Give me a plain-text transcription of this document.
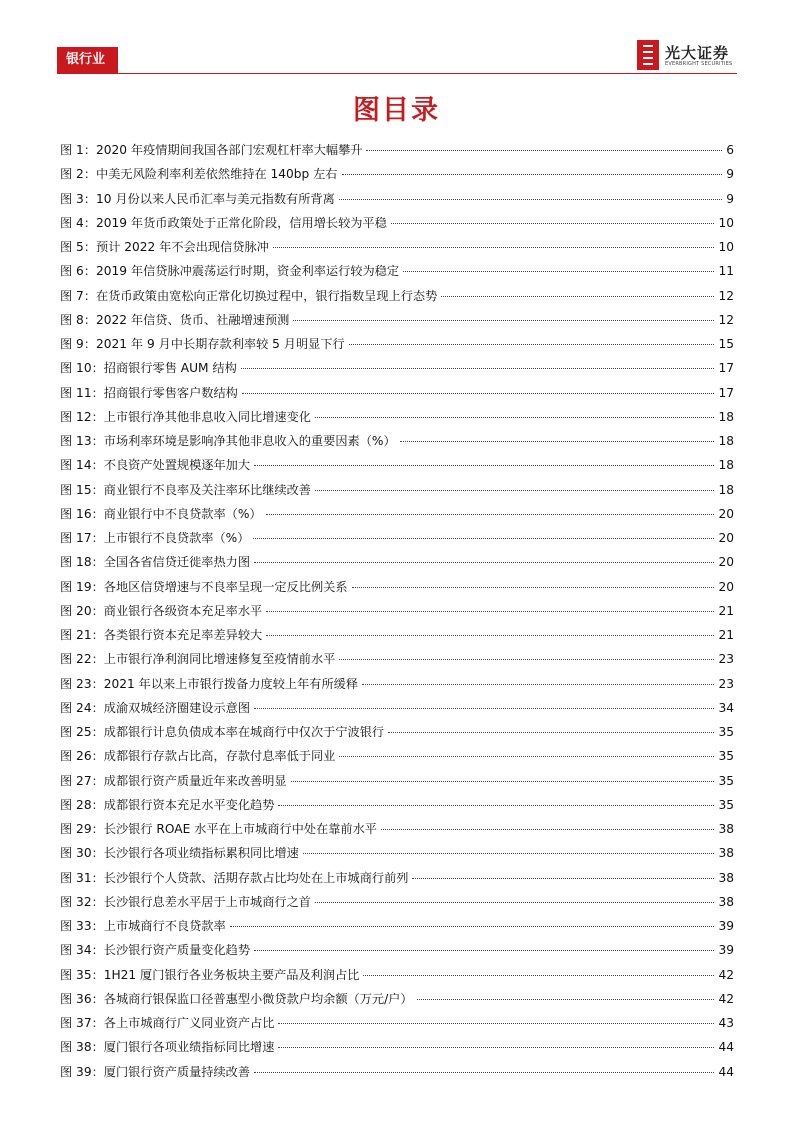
银行业	光大证券
EVERBRIGHT SECURITIES
图目录
图 1：2020 年疫情期间我国各部门宏观杠杆率大幅攀升	6
图 2：中美无风险利率利差依然维持在 140bp 左右	9
图 3：10 月份以来人民币汇率与美元指数有所背离	9
图 4：2019 年货币政策处于正常化阶段，信用增长较为平稳	10
图 5：预计 2022 年不会出现信贷脉冲	10
图 6：2019 年信贷脉冲震荡运行时期，资金利率运行较为稳定	11
图 7：在货币政策由宽松向正常化切换过程中，银行指数呈现上行态势	12
图 8：2022 年信贷、货币、社融增速预测	12
图 9：2021 年 9 月中长期存款利率较 5 月明显下行	15
图 10：招商银行零售 AUM 结构	17
图 11：招商银行零售客户数结构	17
图 12：上市银行净其他非息收入同比增速变化	18
图 13：市场利率环境是影响净其他非息收入的重要因素（%）	18
图 14：不良资产处置规模逐年加大	18
图 15：商业银行不良率及关注率环比继续改善	18
图 16：商业银行中不良贷款率（%）	20
图 17：上市银行不良贷款率（%）	20
图 18：全国各省信贷迁徙率热力图	20
图 19：各地区信贷增速与不良率呈现一定反比例关系	20
图 20：商业银行各级资本充足率水平	21
图 21：各类银行资本充足率差异较大	21
图 22：上市银行净利润同比增速修复至疫情前水平	23
图 23：2021 年以来上市银行拨备力度较上年有所缓释	23
图 24：成渝双城经济圈建设示意图	34
图 25：成都银行计息负债成本率在城商行中仅次于宁波银行	35
图 26：成都银行存款占比高，存款付息率低于同业	35
图 27：成都银行资产质量近年来改善明显	35
图 28：成都银行资本充足水平变化趋势	35
图 29：长沙银行 ROAE 水平在上市城商行中处在靠前水平	38
图 30：长沙银行各项业绩指标累积同比增速	38
图 31：长沙银行个人贷款、活期存款占比均处在上市城商行前列	38
图 32：长沙银行息差水平居于上市城商行之首	38
图 33：上市城商行不良贷款率	39
图 34：长沙银行资产质量变化趋势	39
图 35：1H21 厦门银行各业务板块主要产品及利润占比	42
图 36：各城商行银保监口径普惠型小微贷款户均余额（万元/户）	42
图 37：各上市城商行广义同业资产占比	43
图 38：厦门银行各项业绩指标同比增速	44
图 39：厦门银行资产质量持续改善	44
